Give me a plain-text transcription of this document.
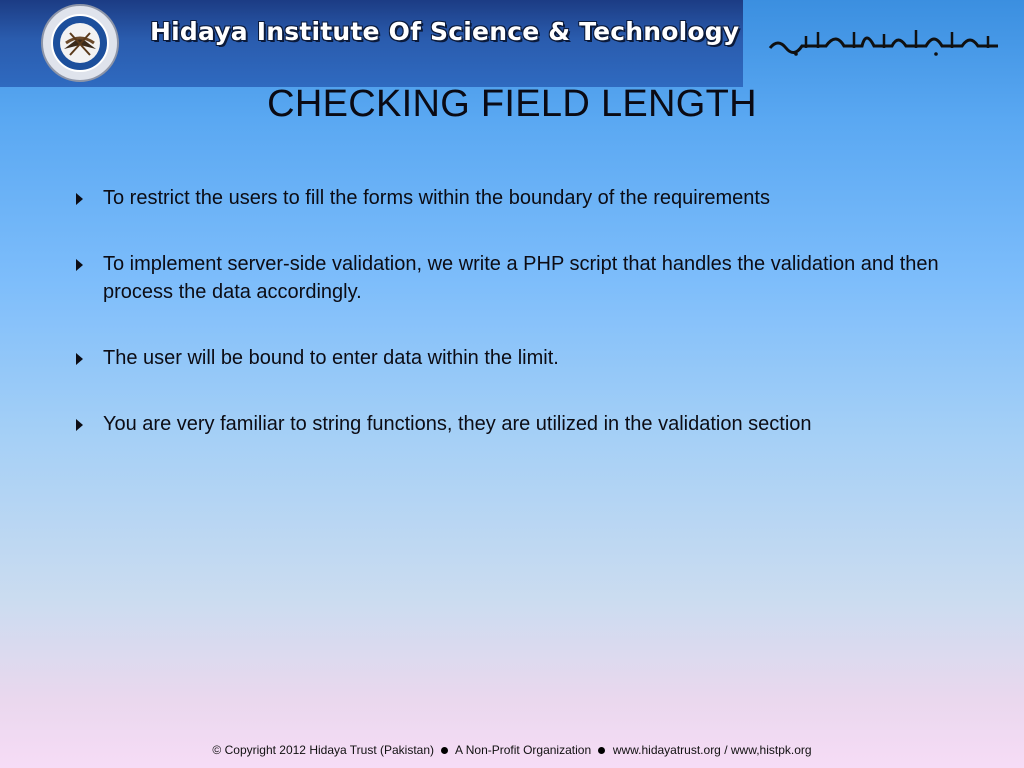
Hidaya Institute Of Science & Technology
CHECKING FIELD LENGTH
To restrict the users to fill the forms within the boundary of the requirements
To implement server-side validation, we write a PHP script that handles the validation and then process the data accordingly.
The user will be bound to enter data within the limit.
You are very familiar to string functions, they are utilized in the validation section
© Copyright 2012 Hidaya Trust (Pakistan) A Non-Profit Organization www.hidayatrust.org / www,histpk.org
